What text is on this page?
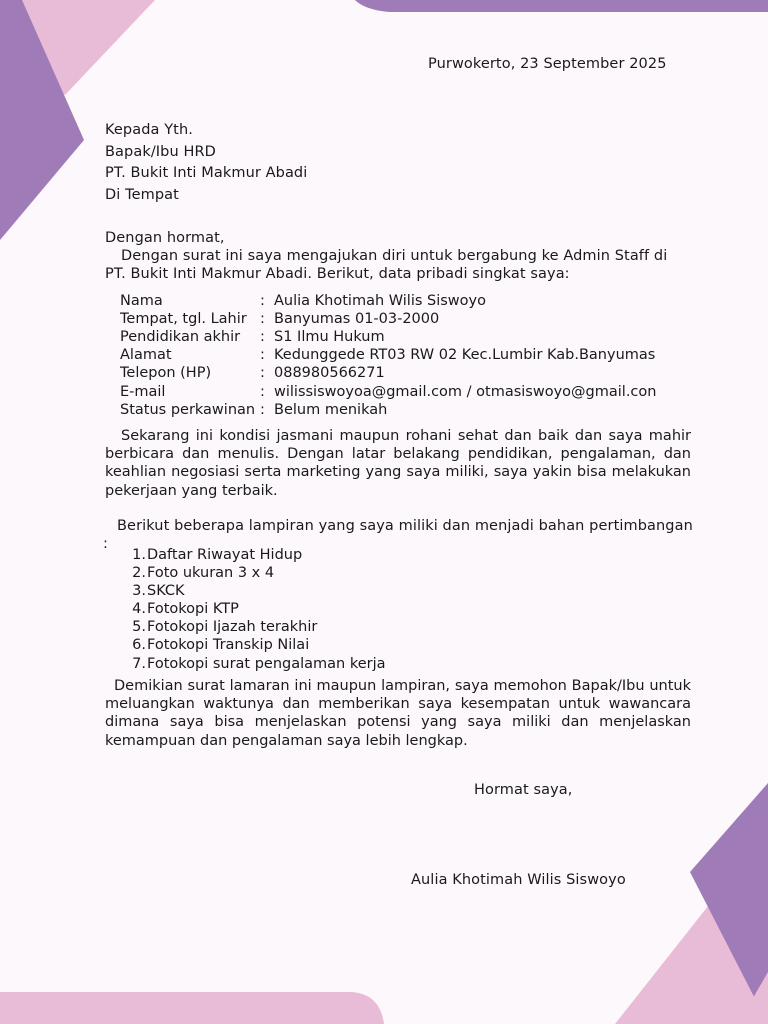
Purwokerto, 23 September 2025
Kepada Yth.
Bapak/Ibu HRD
PT. Bukit Inti Makmur Abadi
Di Tempat
Dengan hormat,
Dengan surat ini saya mengajukan diri untuk bergabung ke Admin Staff di
PT. Bukit Inti Makmur Abadi. Berikut, data pribadi singkat saya:
Nama	: Aulia Khotimah Wilis Siswoyo
Tempat, tgl. Lahir : Banyumas 01-03-2000
Pendidikan akhir : S1 Ilmu Hukum
Alamat	: Kedunggede RT03 RW 02 Kec.Lumbir Kab.Banyumas
Telepon (HP)	: 088980566271
E-mail	: wilissiswoyoa@gmail.com / otmasiswoyo@gmail.con
Status perkawinan : Belum menikah
Sekarang ini kondisi jasmani maupun rohani sehat dan baik dan saya mahir berbicara dan menulis. Dengan latar belakang pendidikan, pengalaman, dan keahlian negosiasi serta marketing yang saya miliki, saya yakin bisa melakukan pekerjaan yang terbaik.
Berikut beberapa lampiran yang saya miliki dan menjadi bahan pertimbangan
:
1. Daftar Riwayat Hidup
2. Foto ukuran 3 x 4
3. SKCK
4. Fotokopi KTP
5. Fotokopi Ijazah terakhir
6. Fotokopi Transkip Nilai
7. Fotokopi surat pengalaman kerja
Demikian surat lamaran ini maupun lampiran, saya memohon Bapak/Ibu untuk meluangkan waktunya dan memberikan saya kesempatan untuk wawancara dimana saya bisa menjelaskan potensi yang saya miliki dan menjelaskan kemampuan dan pengalaman saya lebih lengkap.
Hormat saya,
Aulia Khotimah Wilis Siswoyo
